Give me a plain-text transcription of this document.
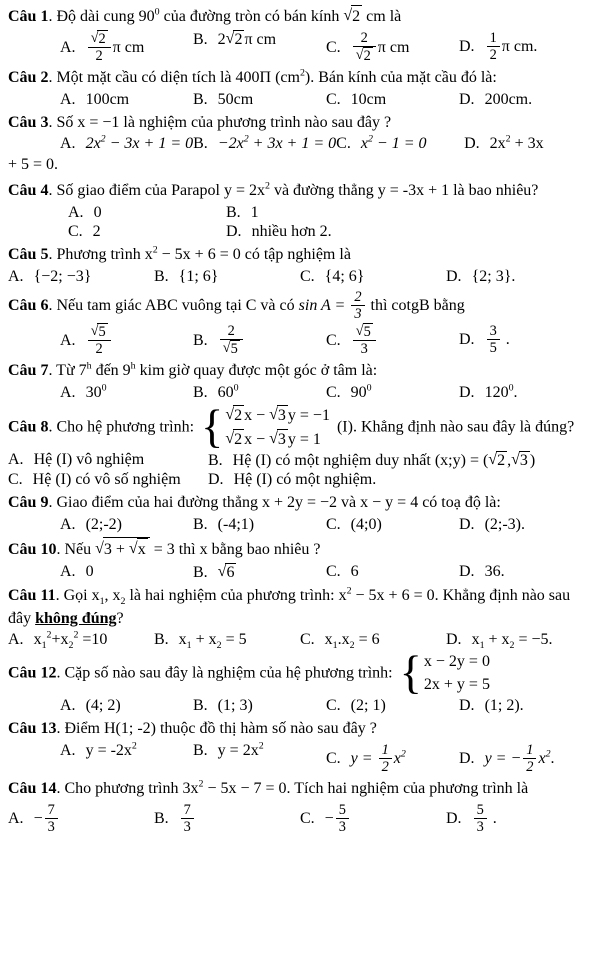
Câu 1. Độ dài cung $90^0$ của đường tròn có bán kính √2 cm là

A. $\frac{√2}{2}$ π cm	B. 2√2 π cm	C. $\frac{2}{√2}$ π cm	D. $\frac{1}{2}$ π cm.

Câu 2. Một mặt cầu có diện tích là 400Π $(cm^2)$. Bán kính của mặt cầu đó là:

A. 100cm	B. 50cm	C. 10cm	D. 200cm.

Câu 3. Số x = −1 là nghiệm của phương trình nào sau đây ?

A. $2x^2 - 3x + 1 = 0$ B. $-2x^2 + 3x + 1 = 0$ C. $x^2 - 1 = 0$	D. $2x^2 + 3x$

+ 5 = 0.

Câu 4. Số giao điểm của Parapol $y = 2x^2$ và đường thẳng y = -3x + 1 là bao nhiêu?

A. 0	B. 1
C. 2	D. nhiều hơn 2.

Câu 5. Phương trình $x^2 - 5x + 6 = 0$ có tập nghiệm là

A. {−2; −3}	B. {1; 6}	C. {4; 6}	D. {2; 3}.

Câu 6. Nếu tam giác ABC vuông tại C và có $\sin A = \frac{2}{3}$ thì cotgB bằng

A. $\frac{√5}{2}$	B. $\frac{2}{√5}$	C. $\frac{√5}{3}$	D. $\frac{3}{5}$ .

Câu 7. Từ 7$^h$ đến 9$^h$ kim giờ quay được một góc ở tâm là:

A. $30^0$	B. $60^0$	C. $90^0$	D. $120^0$.

Câu 8. Cho hệ phương trình: { √2 x − √3 y = −1
√2 x − √3 y = 1
(I). Khẳng định nào sau đây là đúng?

A. Hệ (I) vô nghiệm	B. Hệ (I) có một nghiệm duy nhất (x;y) = (√2 ,√3 )
C. Hệ (I) có vô số nghiệm	D. Hệ (I) có một nghiệm.

Câu 9. Giao điểm của hai đường thẳng x + 2y = −2 và x − y = 4 có toạ độ là:

A. (2;-2)	B. (-4;1)	C. (4;0)	D. (2;-3).

Câu 10. Nếu √3 + √x = 3 thì x bằng bao nhiêu ?

A. 0	B. √6	C. 6	D. 36.

Câu 11. Gọi $x_1$, $x_2$ là hai nghiệm của phương trình: $x^2 - 5x + 6 = 0$. Khẳng định nào sau đây không đúng?

A. $x_1^2+x_2^2 =10$	B. $x_1 + x_2 = 5$	C. $x_1.x_2 = 6$	D. $x_1 + x_2 = -5$.

Câu 12. Cặp số nào sau đây là nghiệm của hệ phương trình: { x − 2y = 0
2x + y = 5

A. (4; 2)	B. (1; 3)	C. (2; 1)	D. (1; 2).

Câu 13. Điểm H(1; -2) thuộc đồ thị hàm số nào sau đây ?

A. $y = -2x^2$	B. $y = 2x^2$
C. $y = \frac{1}{2} x^2$	D. y = − $\frac{1}{2} x^2$.

Câu 14. Cho phương trình $3x^2 - 5x - 7 = 0$. Tích hai nghiệm của phương trình là

A. − $\frac{7}{3}$	B. $\frac{7}{3}$	C. − $\frac{5}{3}$	D. $\frac{5}{3}$ .
